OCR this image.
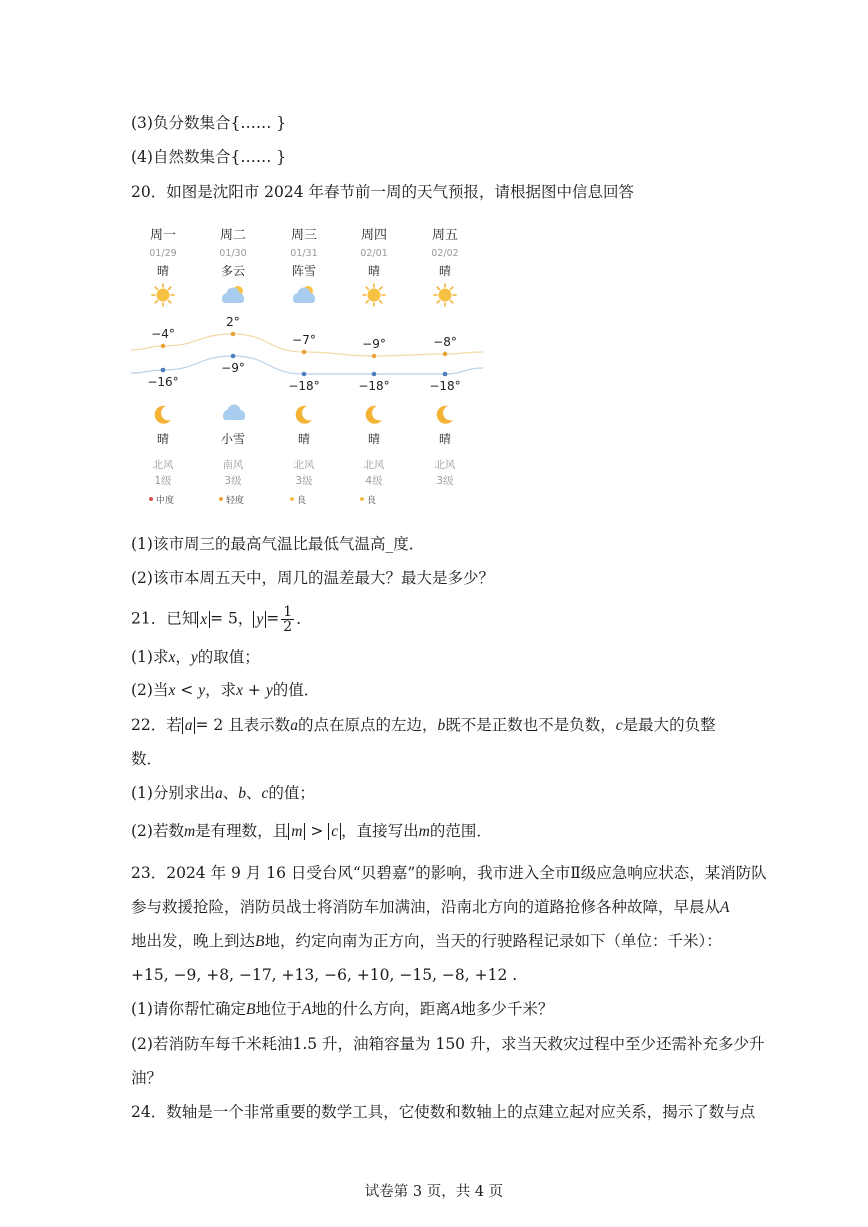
(3)负分数集合{…… }
(4)自然数集合{…… }
20．如图是沈阳市 2024 年春节前一周的天气预报，请根据图中信息回答
周一
01/29
晴
−4°
−16°
晴
北风
1级
中度
周二
01/30
多云
2°
−9°
小雪
南风
3级
轻度
周三
01/31
阵雪
−7°
−18°
晴
北风
3级
良
周四
02/01
晴
−9°
−18°
晴
北风
4级
良
周五
02/02
晴
−8°
−18°
晴
北风
3级
(1)该市周三的最高气温比最低气温高_度．
(2)该市本周五天中，周几的温差最大？最大是多少？
21．已知 x = 5， $y = \frac{1}{2}$ ．
(1)求x，y的取值；
(2)当x < y，求x + y的值．
22．若 a = 2 且表示数a的点在原点的左边，b既不是正数也不是负数，c是最大的负整
数．
(1)分别求出a、b、c的值；
(2)若数m是有理数，且 m > c ，直接写出m的范围．
23．2024 年 9 月 16 日受台风“贝碧嘉”的影响，我市进入全市Ⅱ级应急响应状态，某消防队
参与救援抢险，消防员战士将消防车加满油，沿南北方向的道路抢修各种故障，早晨从A
地出发，晚上到达B地，约定向南为正方向，当天的行驶路程记录如下（单位：千米）：
+15, −9, +8, −17, +13, −6, +10, −15, −8, +12 .
(1)请你帮忙确定B地位于A地的什么方向，距离A地多少千米？
(2)若消防车每千米耗油1.5 升，油箱容量为 150 升，求当天救灾过程中至少还需补充多少升
油？
24．数轴是一个非常重要的数学工具，它使数和数轴上的点建立起对应关系，揭示了数与点
试卷第 3 页，共 4 页
